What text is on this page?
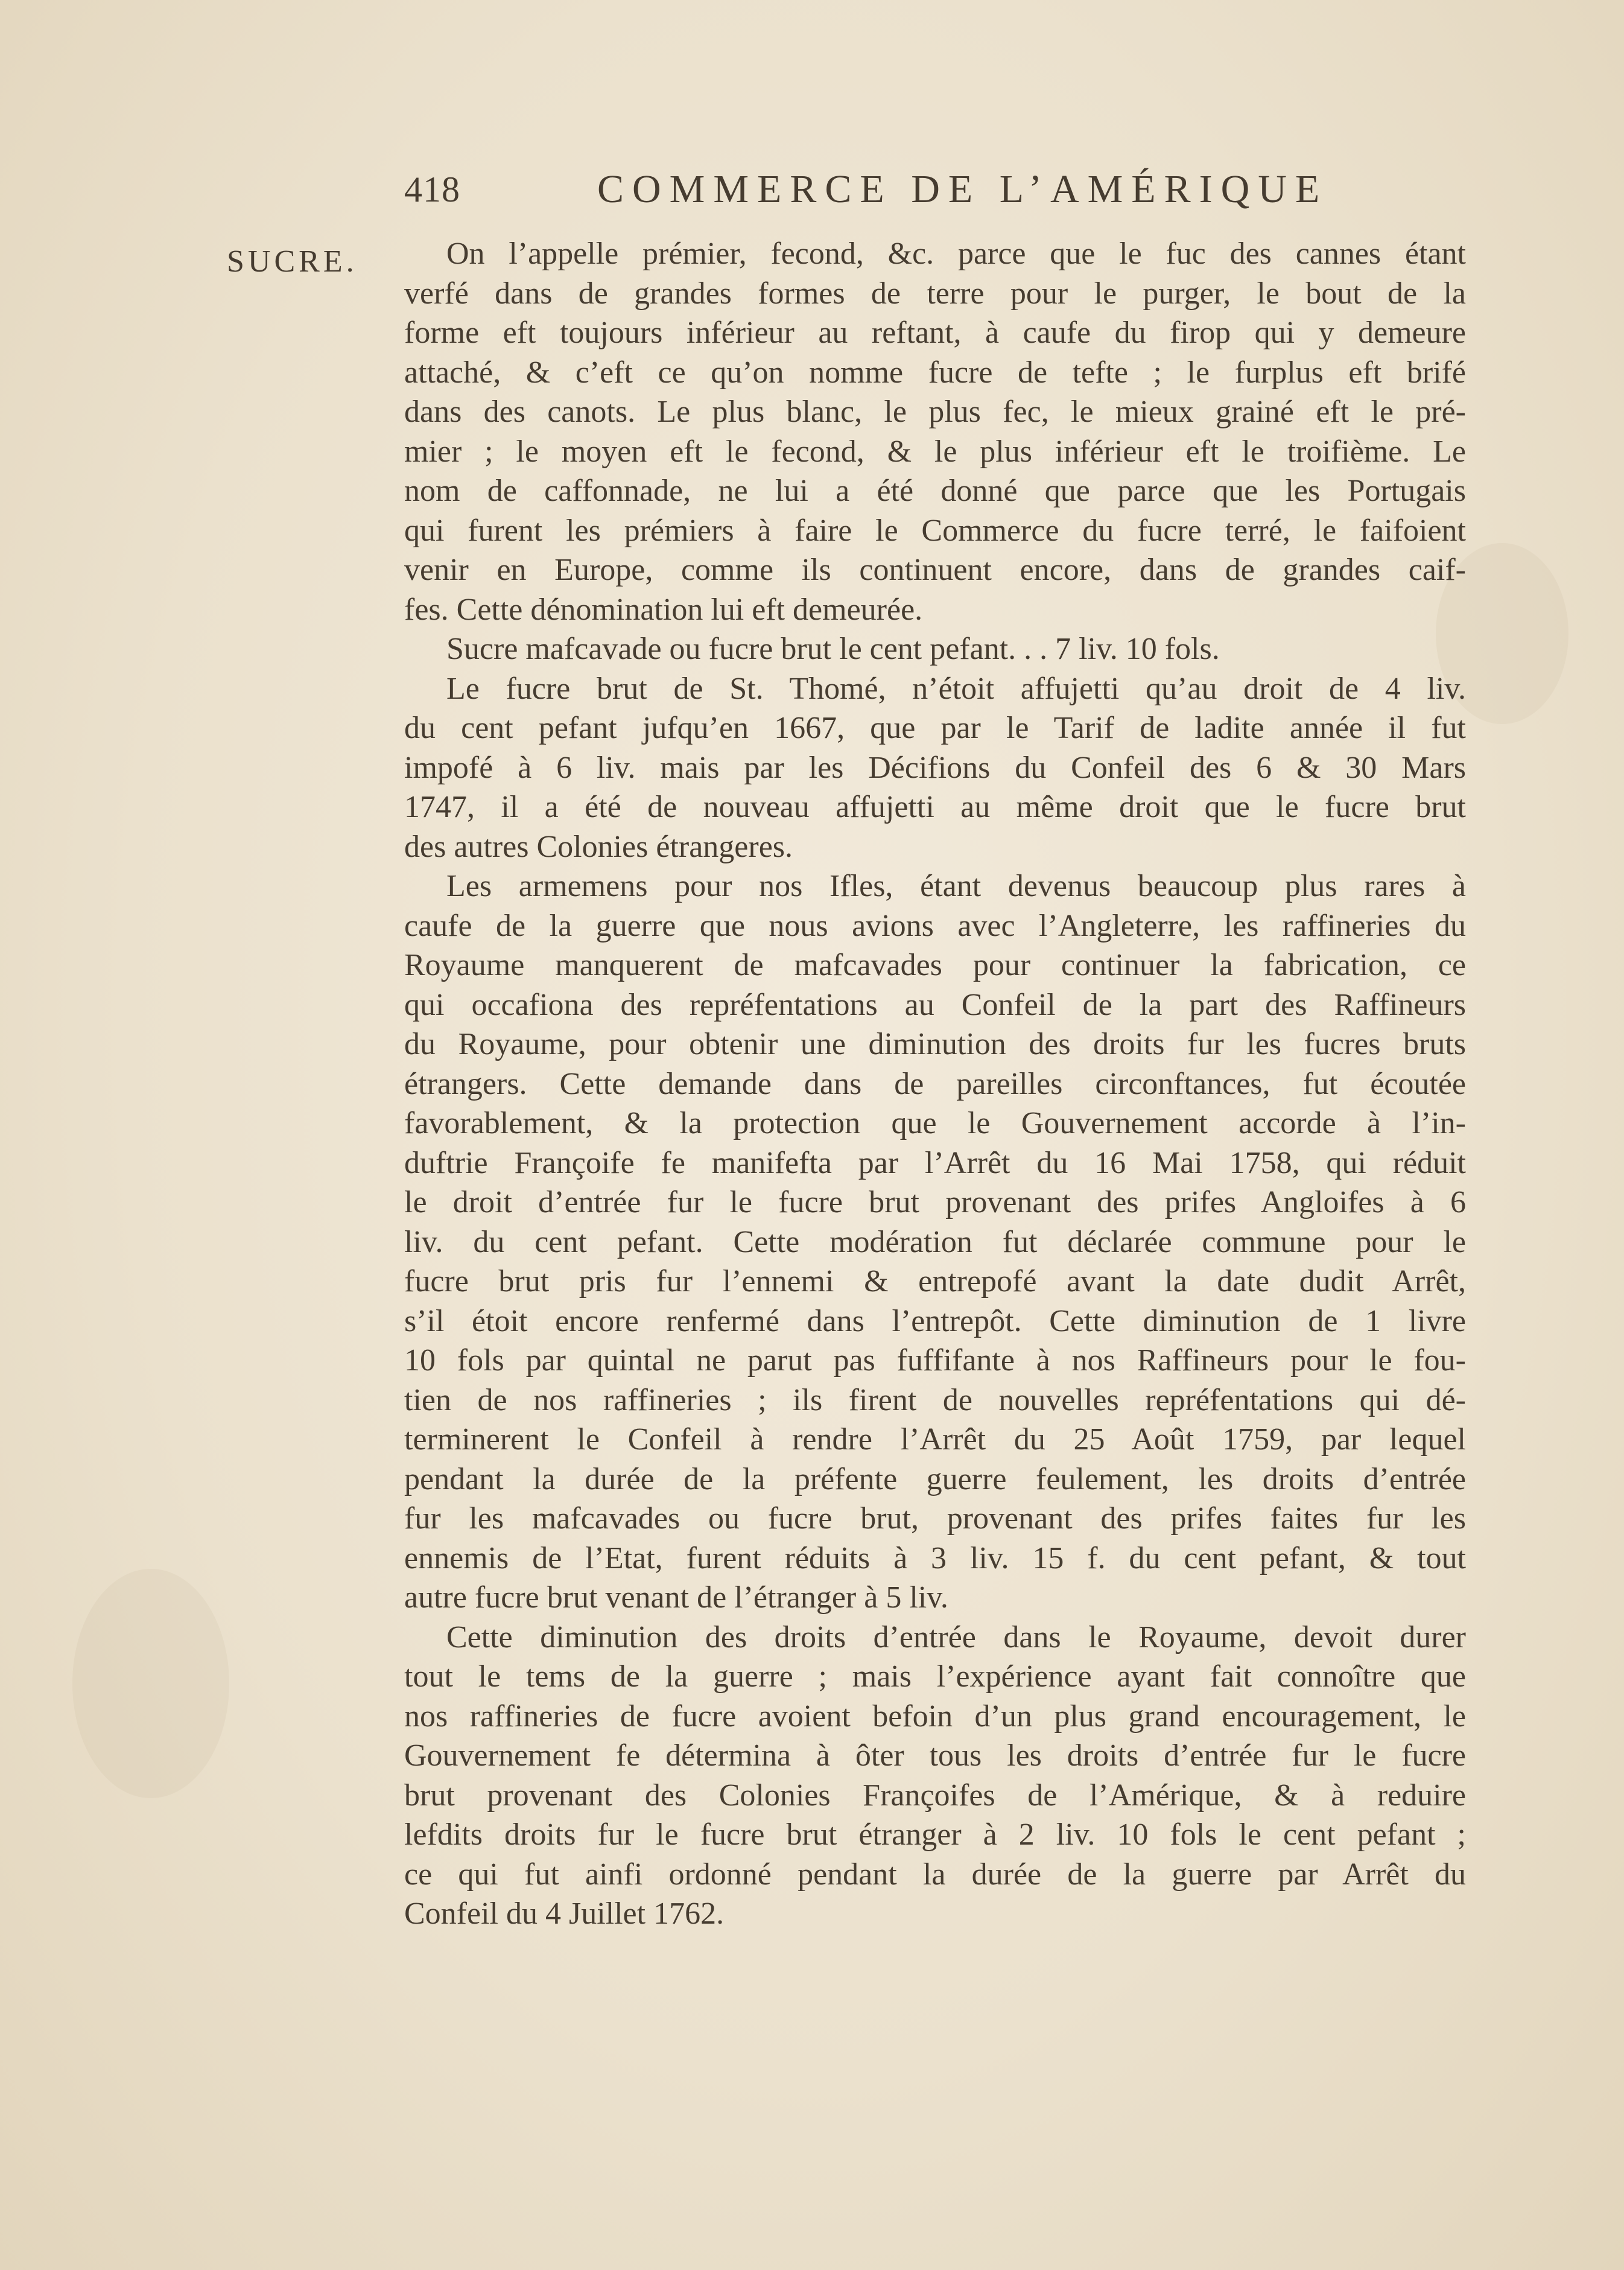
418	COMMERCE DE L’AMÉRIQUE
SUCRE.	On l’appelle prémier, fecond, &c. parce que le fuc des cannes étant
verfé dans de grandes formes de terre pour le purger, le bout de la
forme eft toujours inférieur au reftant, à caufe du firop qui y demeure
attaché, & c’eft ce qu’on nomme fucre de tefte ; le furplus eft brifé
dans des canots. Le plus blanc, le plus fec, le mieux grainé eft le pré-
mier ; le moyen eft le fecond, & le plus inférieur eft le troifième. Le
nom de caffonnade, ne lui a été donné que parce que les Portugais
qui furent les prémiers à faire le Commerce du fucre terré, le faifoient
venir en Europe, comme ils continuent encore, dans de grandes caif-
fes. Cette dénomination lui eft demeurée.
Sucre mafcavade ou fucre brut le cent pefant. . . 7 liv. 10 fols.
Le fucre brut de St. Thomé, n’étoit affujetti qu’au droit de 4 liv.
du cent pefant jufqu’en 1667, que par le Tarif de ladite année il fut
impofé à 6 liv. mais par les Décifions du Confeil des 6 & 30 Mars
1747, il a été de nouveau affujetti au même droit que le fucre brut
des autres Colonies étrangeres.
Les armemens pour nos Ifles, étant devenus beaucoup plus rares à
caufe de la guerre que nous avions avec l’Angleterre, les raffineries du
Royaume manquerent de mafcavades pour continuer la fabrication, ce
qui occafiona des repréfentations au Confeil de la part des Raffineurs
du Royaume, pour obtenir une diminution des droits fur les fucres bruts
étrangers. Cette demande dans de pareilles circonftances, fut écoutée
favorablement, & la protection que le Gouvernement accorde à l’in-
duftrie Françoife fe manifefta par l’Arrêt du 16 Mai 1758, qui réduit
le droit d’entrée fur le fucre brut provenant des prifes Angloifes à 6
liv. du cent pefant. Cette modération fut déclarée commune pour le
fucre brut pris fur l’ennemi & entrepofé avant la date dudit Arrêt,
s’il étoit encore renfermé dans l’entrepôt. Cette diminution de 1 livre
10 fols par quintal ne parut pas fuffifante à nos Raffineurs pour le fou-
tien de nos raffineries ; ils firent de nouvelles repréfentations qui dé-
terminerent le Confeil à rendre l’Arrêt du 25 Août 1759, par lequel
pendant la durée de la préfente guerre feulement, les droits d’entrée
fur les mafcavades ou fucre brut, provenant des prifes faites fur les
ennemis de l’Etat, furent réduits à 3 liv. 15 f. du cent pefant, & tout
autre fucre brut venant de l’étranger à 5 liv.
Cette diminution des droits d’entrée dans le Royaume, devoit durer
tout le tems de la guerre ; mais l’expérience ayant fait connoître que
nos raffineries de fucre avoient befoin d’un plus grand encouragement, le
Gouvernement fe détermina à ôter tous les droits d’entrée fur le fucre
brut provenant des Colonies Françoifes de l’Amérique, & à reduire
lefdits droits fur le fucre brut étranger à 2 liv. 10 fols le cent pefant ;
ce qui fut ainfi ordonné pendant la durée de la guerre par Arrêt du
Confeil du 4 Juillet 1762.
